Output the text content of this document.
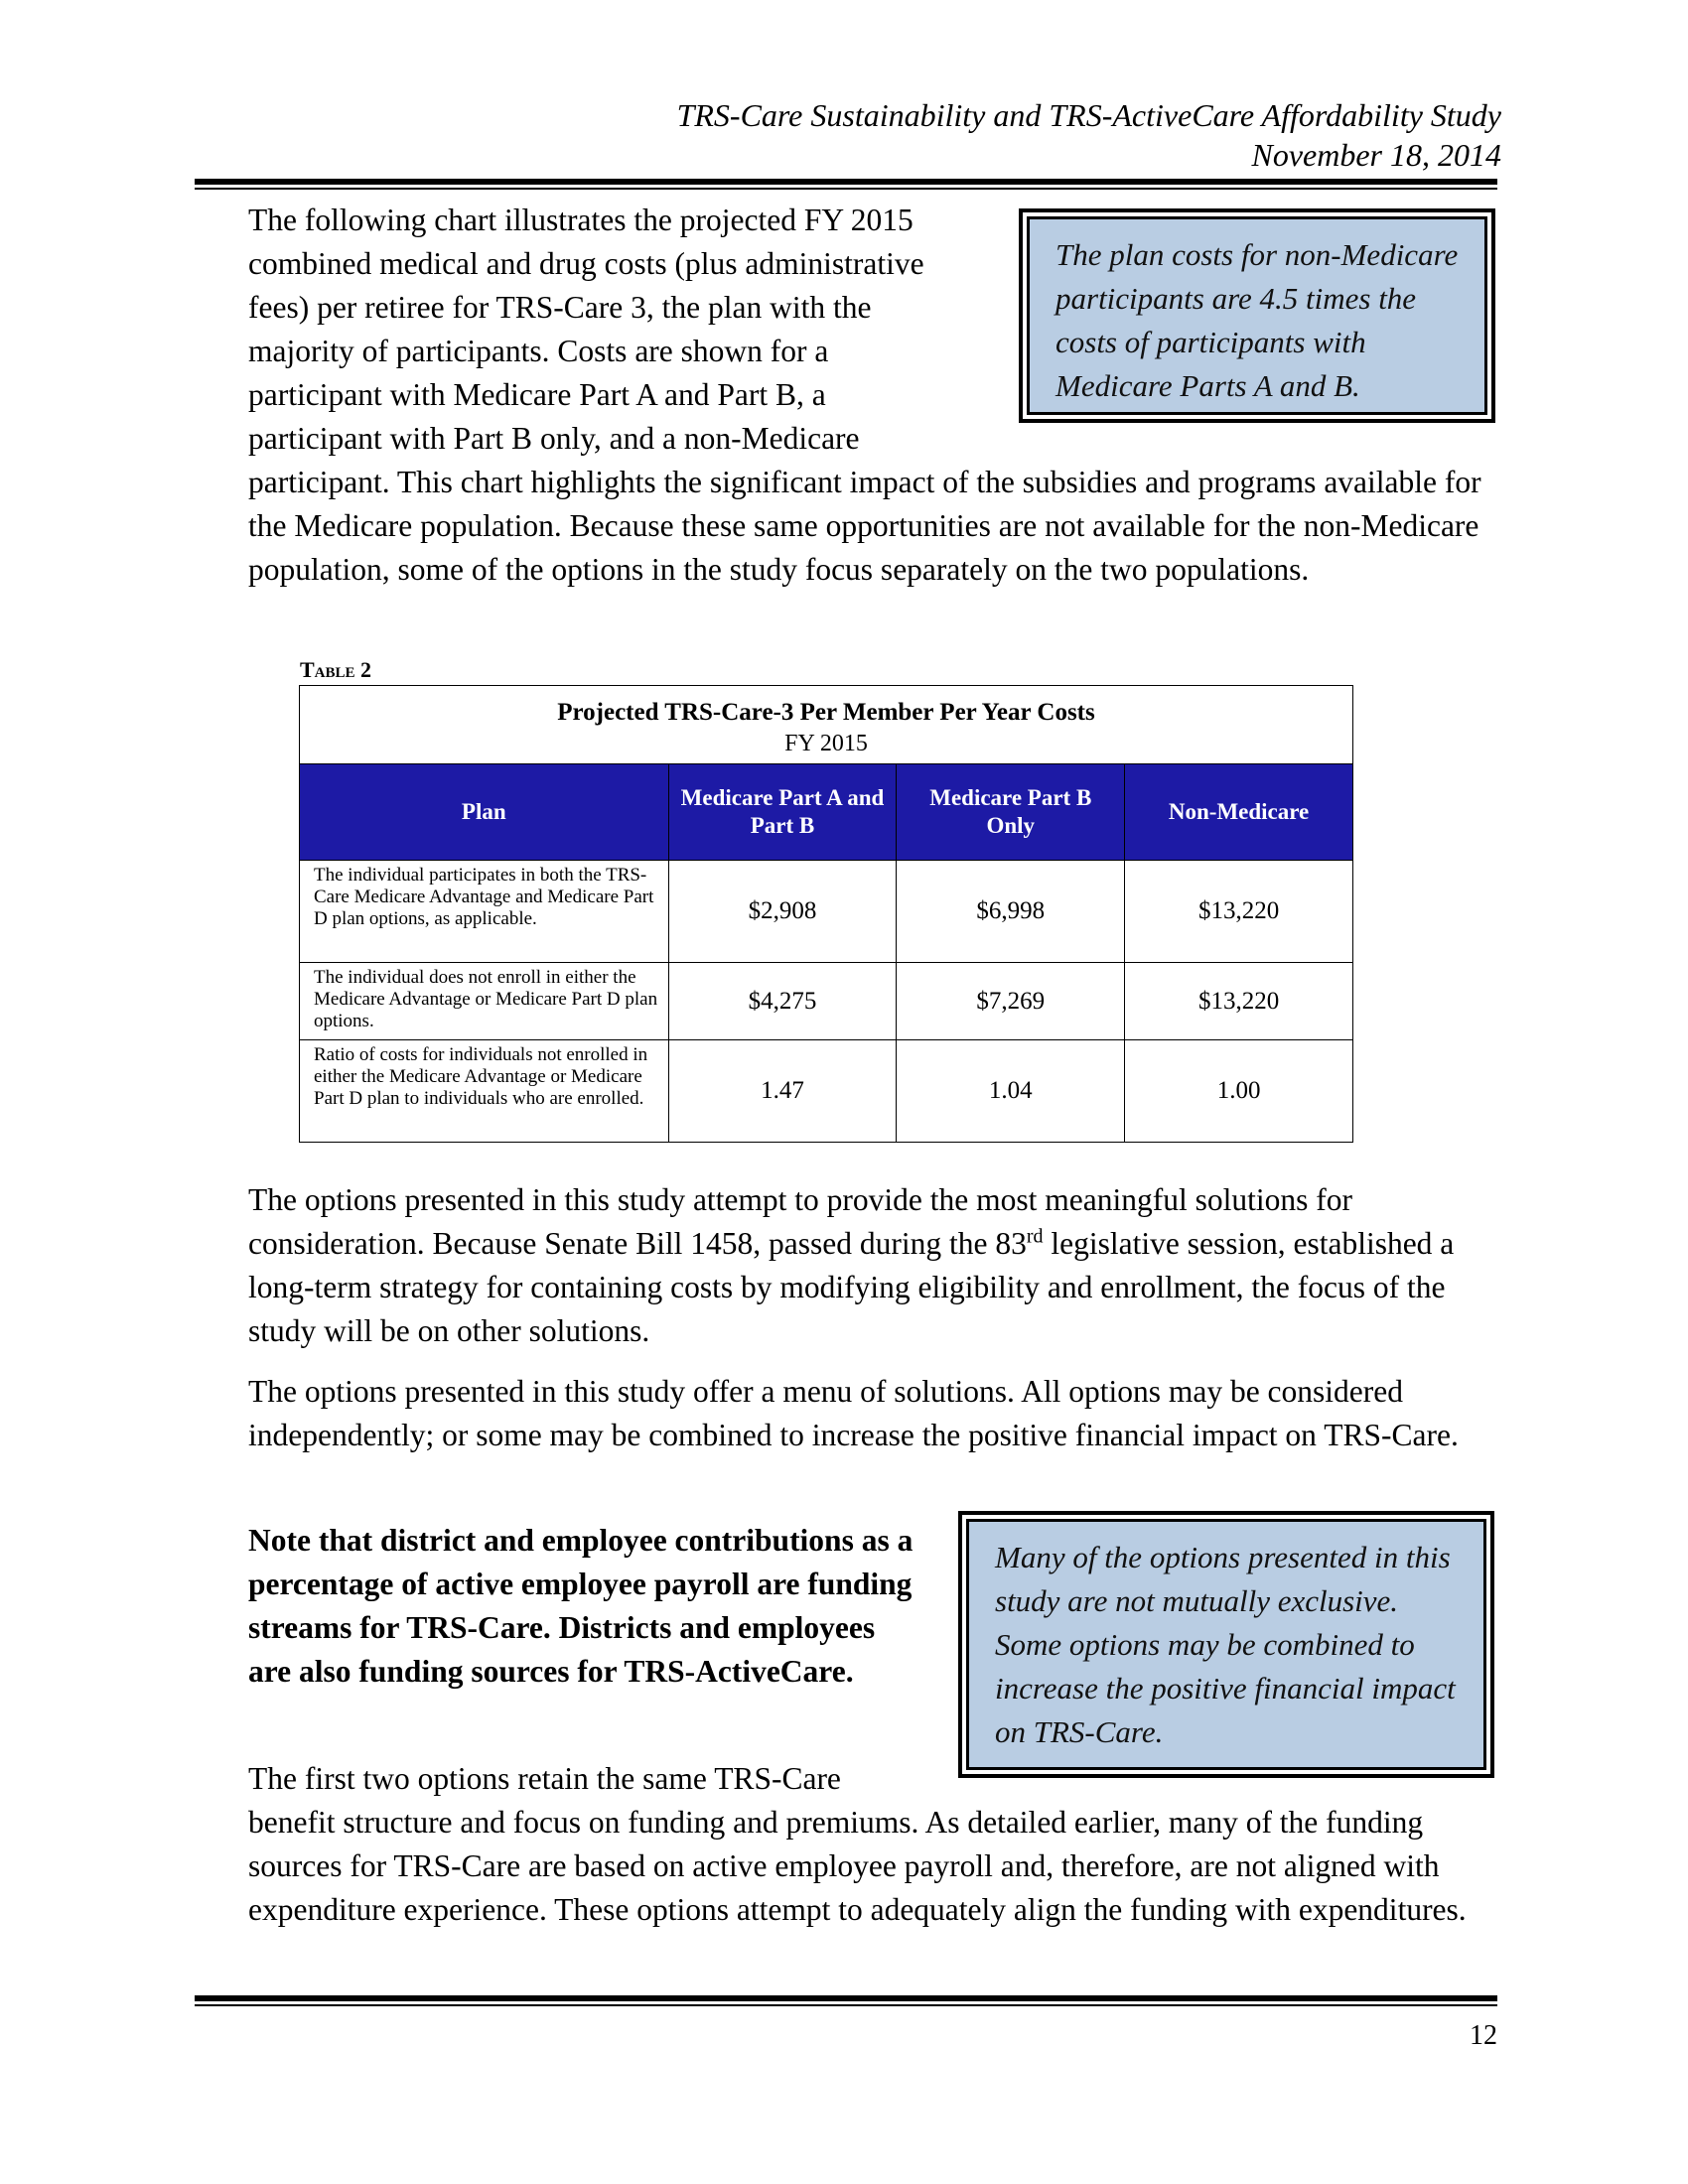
TRS-Care Sustainability and TRS-ActiveCare Affordability Study
November 18, 2014
The following chart illustrates the projected FY 2015 combined medical and drug costs (plus administrative fees) per retiree for TRS-Care 3, the plan with the majority of participants. Costs are shown for a participant with Medicare Part A and Part B, a participant with Part B only, and a non-Medicare participant. This chart highlights the significant impact of the subsidies and programs available for the Medicare population. Because these same opportunities are not available for the non-Medicare population, some of the options in the study focus separately on the two populations.
The plan costs for non-Medicare participants are 4.5 times the costs of participants with Medicare Parts A and B.
Table 2
Projected TRS-Care-3 Per Member Per Year Costs
FY 2015			

Plan	Medicare Part A and Part B	Medicare Part B Only	Non-Medicare
The individual participates in both the TRS-Care Medicare Advantage and Medicare Part D plan options, as applicable.	$2,908	$6,998	$13,220
The individual does not enroll in either the Medicare Advantage or Medicare Part D plan options.	$4,275	$7,269	$13,220
Ratio of costs for individuals not enrolled in either the Medicare Advantage or Medicare Part D plan to individuals who are enrolled.	1.47	1.04	1.00
The options presented in this study attempt to provide the most meaningful solutions for consideration. Because Senate Bill 1458, passed during the 83rd legislative session, established a long-term strategy for containing costs by modifying eligibility and enrollment, the focus of the study will be on other solutions.
The options presented in this study offer a menu of solutions. All options may be considered independently; or some may be combined to increase the positive financial impact on TRS-Care.
Note that district and employee contributions as a percentage of active employee payroll are funding streams for TRS-Care. Districts and employees are also funding sources for TRS-ActiveCare.
Many of the options presented in this study are not mutually exclusive. Some options may be combined to increase the positive financial impact on TRS-Care.
The first two options retain the same TRS-Care benefit structure and focus on funding and premiums. As detailed earlier, many of the funding sources for TRS-Care are based on active employee payroll and, therefore, are not aligned with expenditure experience. These options attempt to adequately align the funding with expenditures.
12
